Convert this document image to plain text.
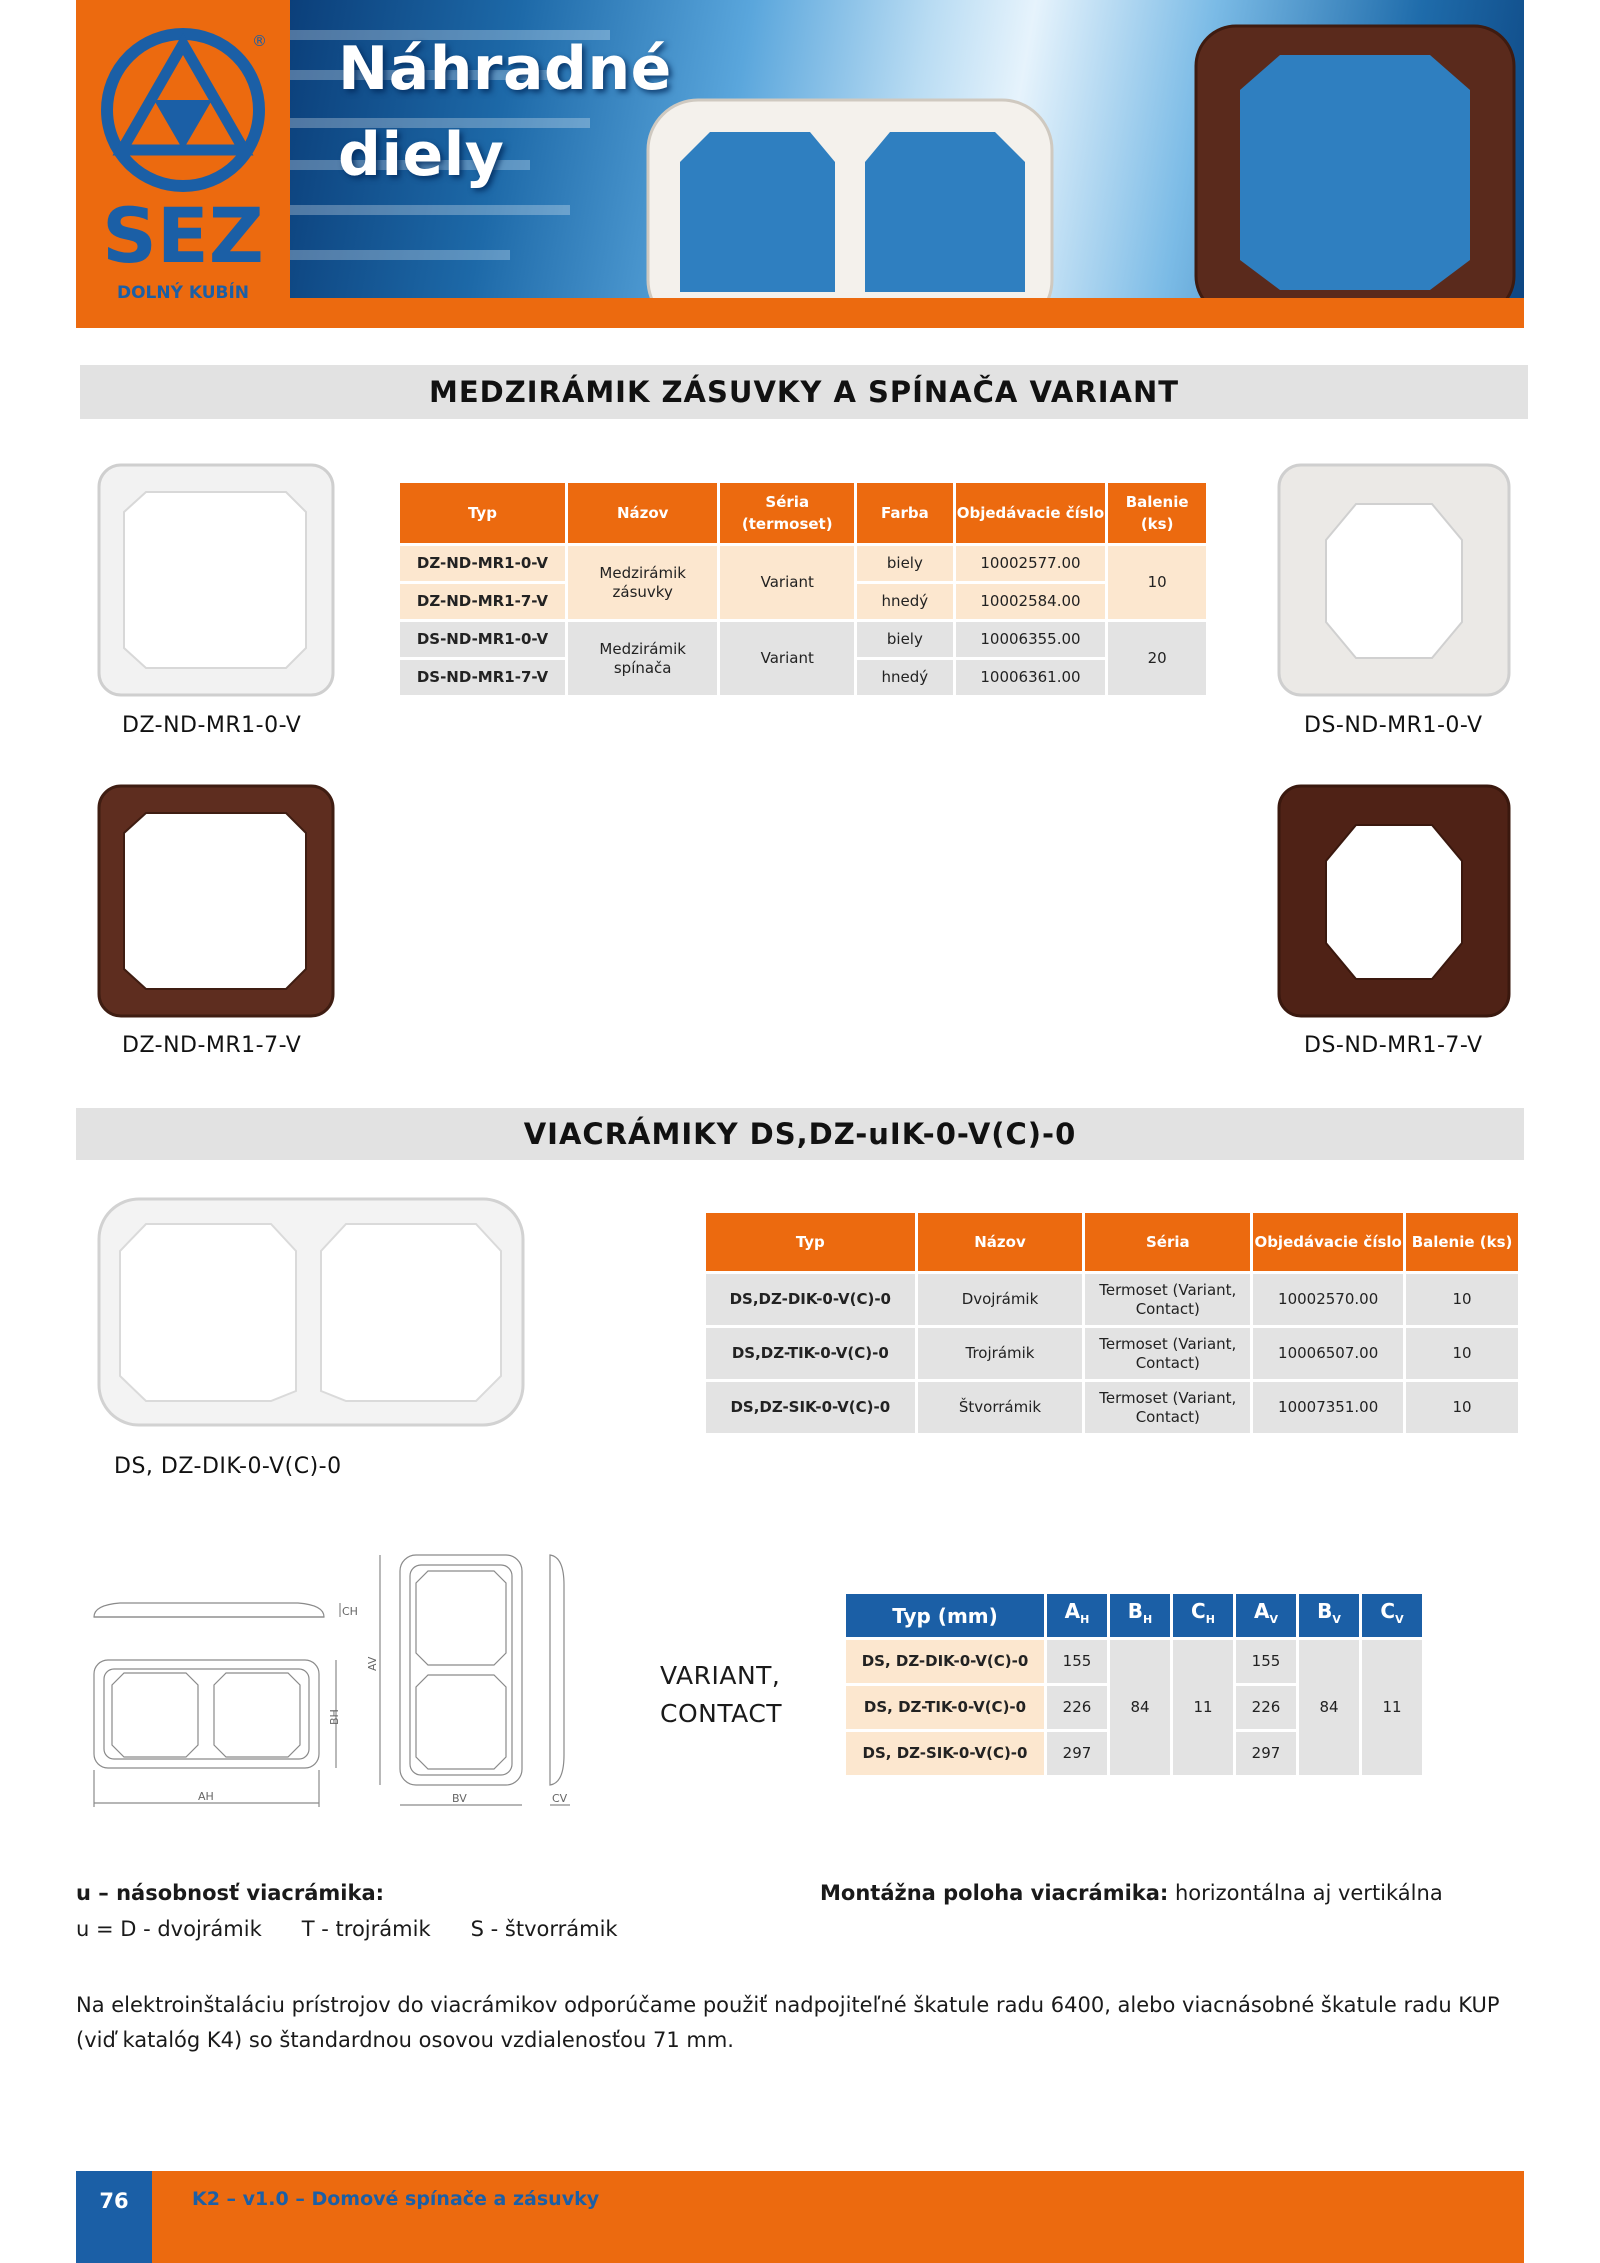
®
SEZ
DOLNÝ KUBÍN
Náhradné
diely
MEDZIRÁMIK ZÁSUVKY A SPÍNAČA VARIANT
DZ-ND-MR1-0-V	DS-ND-MR1-0-V
DZ-ND-MR1-7-V	DS-ND-MR1-7-V
Typ	Názov	Séria (termoset)	Farba	Objedávacie číslo	Balenie (ks)
DZ-ND-MR1-0-V	Medzirámik zásuvky	Variant	biely	10002577.00	10
DZ-ND-MR1-7-V			hnedý	10002584.00	
DS-ND-MR1-0-V	Medzirámik spínača	Variant	biely	10006355.00	20
DS-ND-MR1-7-V			hnedý	10006361.00	
VIACRÁMIKY DS,DZ-uIK-0-V(C)-0
DS, DZ-DIK-0-V(C)-0
Typ	Názov	Séria	Objedávacie číslo	Balenie (ks)
DS,DZ-DIK-0-V(C)-0	Dvojrámik	Termoset (Variant, Contact)	10002570.00	10
DS,DZ-TIK-0-V(C)-0	Trojrámik	Termoset (Variant, Contact)	10006507.00	10
DS,DZ-SIK-0-V(C)-0	Štvorrámik	Termoset (Variant, Contact)	10007351.00	10
CH
BH
AH
AV
BV	CV
VARIANT,
CONTACT
Typ (mm)	$A_H$	$B_H$	$C_H$	$A_V$	$B_V$	$C_V$
DS, DZ-DIK-0-V(C)-0	155	84	11	155	84	11
DS, DZ-TIK-0-V(C)-0	226			226		
DS, DZ-SIK-0-V(C)-0	297			297		
u – násobnosť viacrámika:
u = D - dvojrámik      T - trojrámik      S - štvorrámik
Montážna poloha viacrámika: horizontálna aj vertikálna
Na elektroinštaláciu prístrojov do viacrámikov odporúčame použiť nadpojiteľné škatule radu 6400, alebo viacnásobné škatule radu KUP (viď katalóg K4) so štandardnou osovou vzdialenosťou 71 mm.
76	K2 – v1.0 – Domové spínače a zásuvky
